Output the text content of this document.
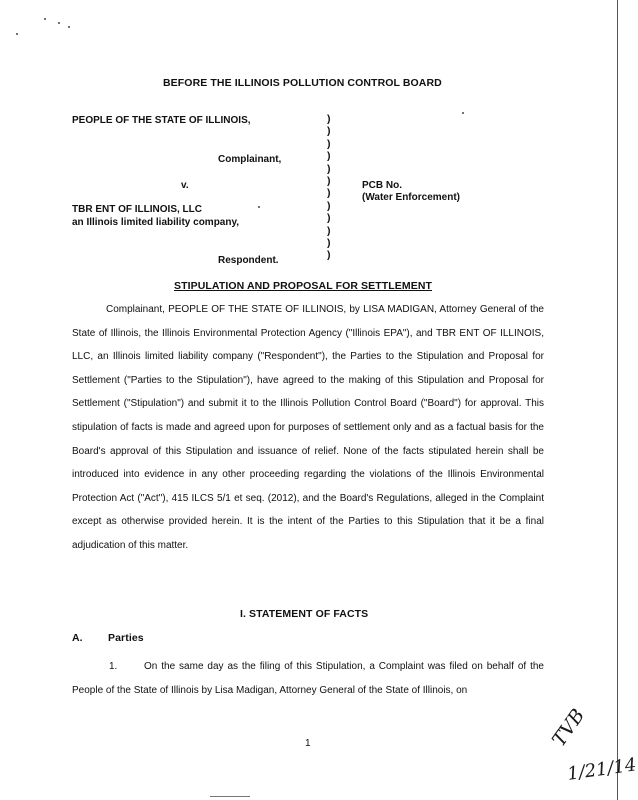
BEFORE THE ILLINOIS POLLUTION CONTROL BOARD
PEOPLE OF THE STATE OF ILLINOIS,
Complainant,
v.
TBR ENT OF ILLINOIS, LLC
an Illinois limited liability company,
Respondent.
)
)
)
)
)
)
)
)
)
)
)
)
PCB No.
(Water Enforcement)
STIPULATION AND PROPOSAL FOR SETTLEMENT
Complainant, PEOPLE OF THE STATE OF ILLINOIS, by LISA MADIGAN, Attorney General of the State of Illinois, the Illinois Environmental Protection Agency ("Illinois EPA"), and TBR ENT OF ILLINOIS, LLC, an Illinois limited liability company ("Respondent"), the Parties to the Stipulation and Proposal for Settlement ("Parties to the Stipulation"), have agreed to the making of this Stipulation and Proposal for Settlement ("Stipulation") and submit it to the Illinois Pollution Control Board ("Board") for approval. This stipulation of facts is made and agreed upon for purposes of settlement only and as a factual basis for the Board's approval of this Stipulation and issuance of relief. None of the facts stipulated herein shall be introduced into evidence in any other proceeding regarding the violations of the Illinois Environmental Protection Act ("Act"), 415 ILCS 5/1 et seq. (2012), and the Board's Regulations, alleged in the Complaint except as otherwise provided herein. It is the intent of the Parties to this Stipulation that it be a final adjudication of this matter.
I. STATEMENT OF FACTS
A. Parties
1.	On the same day as the filing of this Stipulation, a Complaint was filed on behalf of the People of the State of Illinois by Lisa Madigan, Attorney General of the State of Illinois, on
1	TVB
1/21/14
